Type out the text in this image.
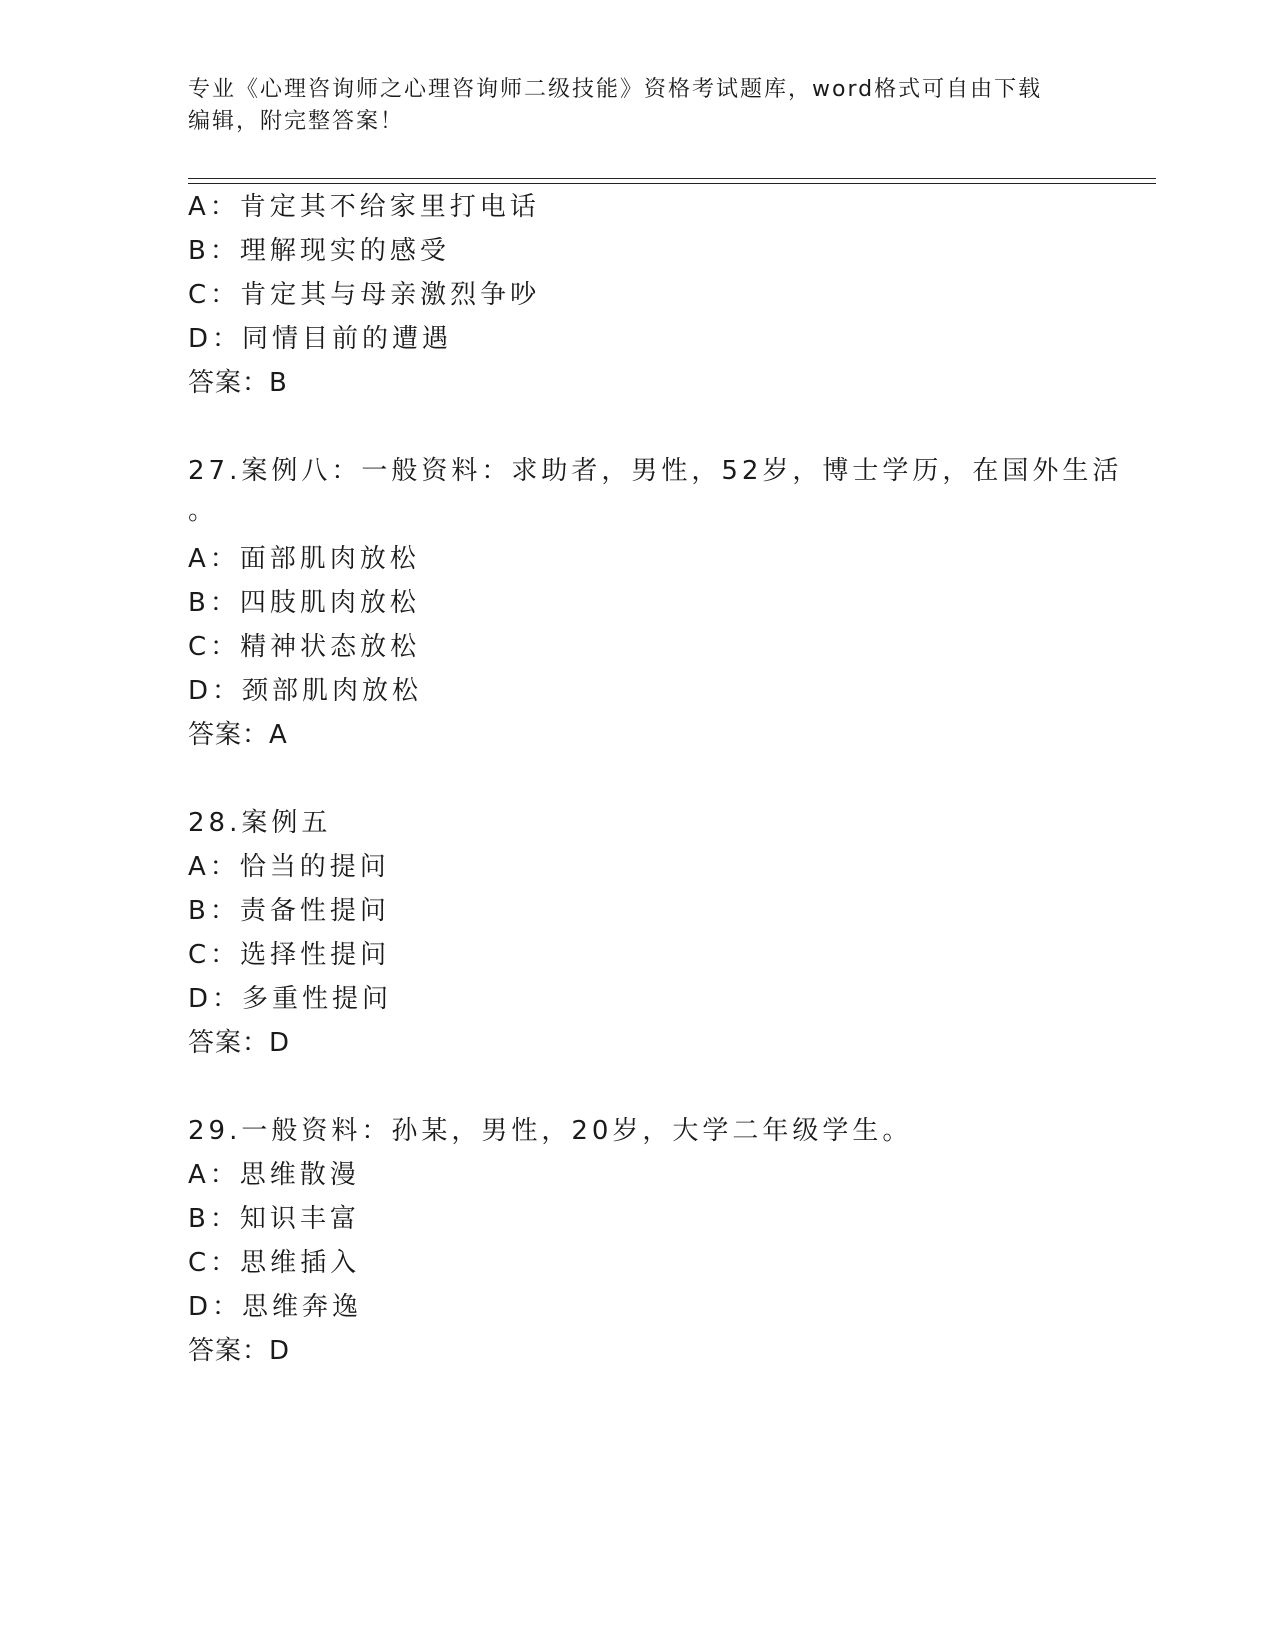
专业《心理咨询师之心理咨询师二级技能》资格考试题库，word格式可自由下载
编辑，附完整答案！
A：肯定其不给家里打电话
B：理解现实的感受
C：肯定其与母亲激烈争吵
D：同情目前的遭遇
答案：B
27.案例八：一般资料：求助者，男性，52岁，博士学历，在国外生活
。
A：面部肌肉放松
B：四肢肌肉放松
C：精神状态放松
D：颈部肌肉放松
答案：A
28.案例五
A：恰当的提问
B：责备性提问
C：选择性提问
D：多重性提问
答案：D
29.一般资料：孙某，男性，20岁，大学二年级学生。
A：思维散漫
B：知识丰富
C：思维插入
D：思维奔逸
答案：D
